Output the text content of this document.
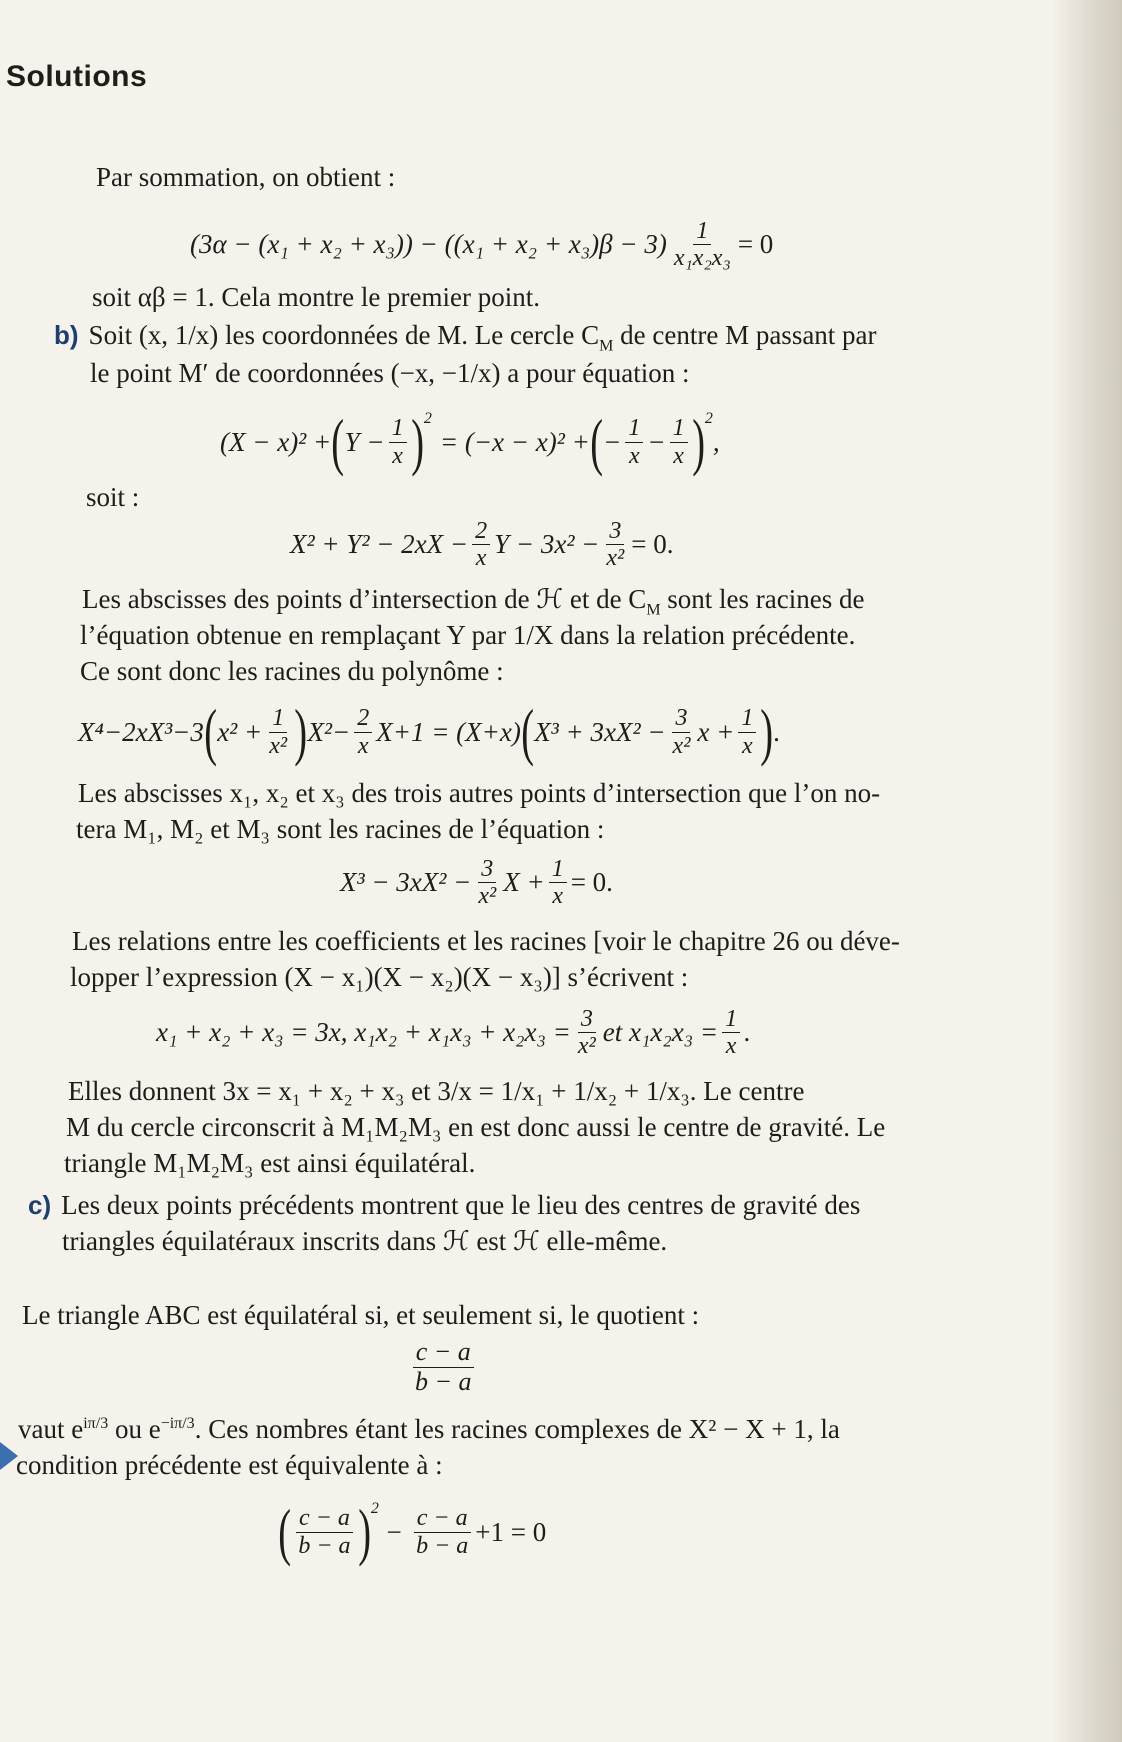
Solutions
Par sommation, on obtient :
$(3\alpha - (x_1 + x_2 + x_3)) - ((x_1 + x_2 + x_3)\beta - 3) \frac{1}{\text{x₁x₂x₃}} = 0$
soit αβ = 1. Cela montre le premier point.
b) Soit (x, 1/x) les coordonnées de M. Le cercle $C_M$ de centre M passant par
le point M′ de coordonnées (−x, −1/x) a pour équation :
(X − x)² + ( $Y - \frac{1}{x} )^2$
= (−x − x)² + ( − $\frac{1}{x} - \frac{1}{x} )^2$
,
soit :
$X^2 + Y^2 - 2xX - \frac{2}{x}$ $Y - 3x^2 - \frac{3}{\text{x²}} = 0$.
Les abscisses des points d’intersection de ℋ et de $C_M$ sont les racines de
l’équation obtenue en remplaçant Y par 1/X dans la relation précédente.
Ce sont donc les racines du polynôme :
X⁴−2xX³−3 ( $x^2 + \frac{1}{\text{x²}}$ ) $X^2- \frac{2}{x} X+1 = (X+x)$ ( $X^3 + 3xX^2 - \frac{3}{\text{x²}}$ $x + \frac{1}{x}$ ) .
Les abscisses x₁, x₂ et x₃ des trois autres points d’intersection que l’on no-
tera M₁, M₂ et M₃ sont les racines de l’équation :
$X^3 - 3xX^2 - \frac{3}{\text{x²}}$ $X + \frac{1}{x} = 0$.
Les relations entre les coefficients et les racines [voir le chapitre 26 ou déve-
lopper l’expression (X − x₁)(X − x₂)(X − x₃)] s’écrivent :
x₁ + x₂ + x₃ = 3x, $x_1x_2 + x_1x_3 + x_2x_3 = \frac{3}{\text{x²}}$ et $x_1x_2x_3 = \frac{1}{x}$ .
Elles donnent 3x = x₁ + x₂ + x₃ et 3/x = 1/x₁ + 1/x₂ + 1/x₃. Le centre
M du cercle circonscrit à M₁M₂M₃ en est donc aussi le centre de gravité. Le
triangle M₁M₂M₃ est ainsi équilatéral.
c) Les deux points précédents montrent que le lieu des centres de gravité des
triangles équilatéraux inscrits dans ℋ est ℋ elle-même.
Le triangle ABC est équilatéral si, et seulement si, le quotient :
$\frac{c - a}{b - a}$
vaut $e^{i\pi/3}$ ou $e^{-i\pi/3}$. Ces nombres étant les racines complexes de X² − X + 1, la
condition précédente est équivalente à :
( $\frac{c - a}{b - a} )^2$
− $\frac{c - a}{b - a} +1 = 0$
